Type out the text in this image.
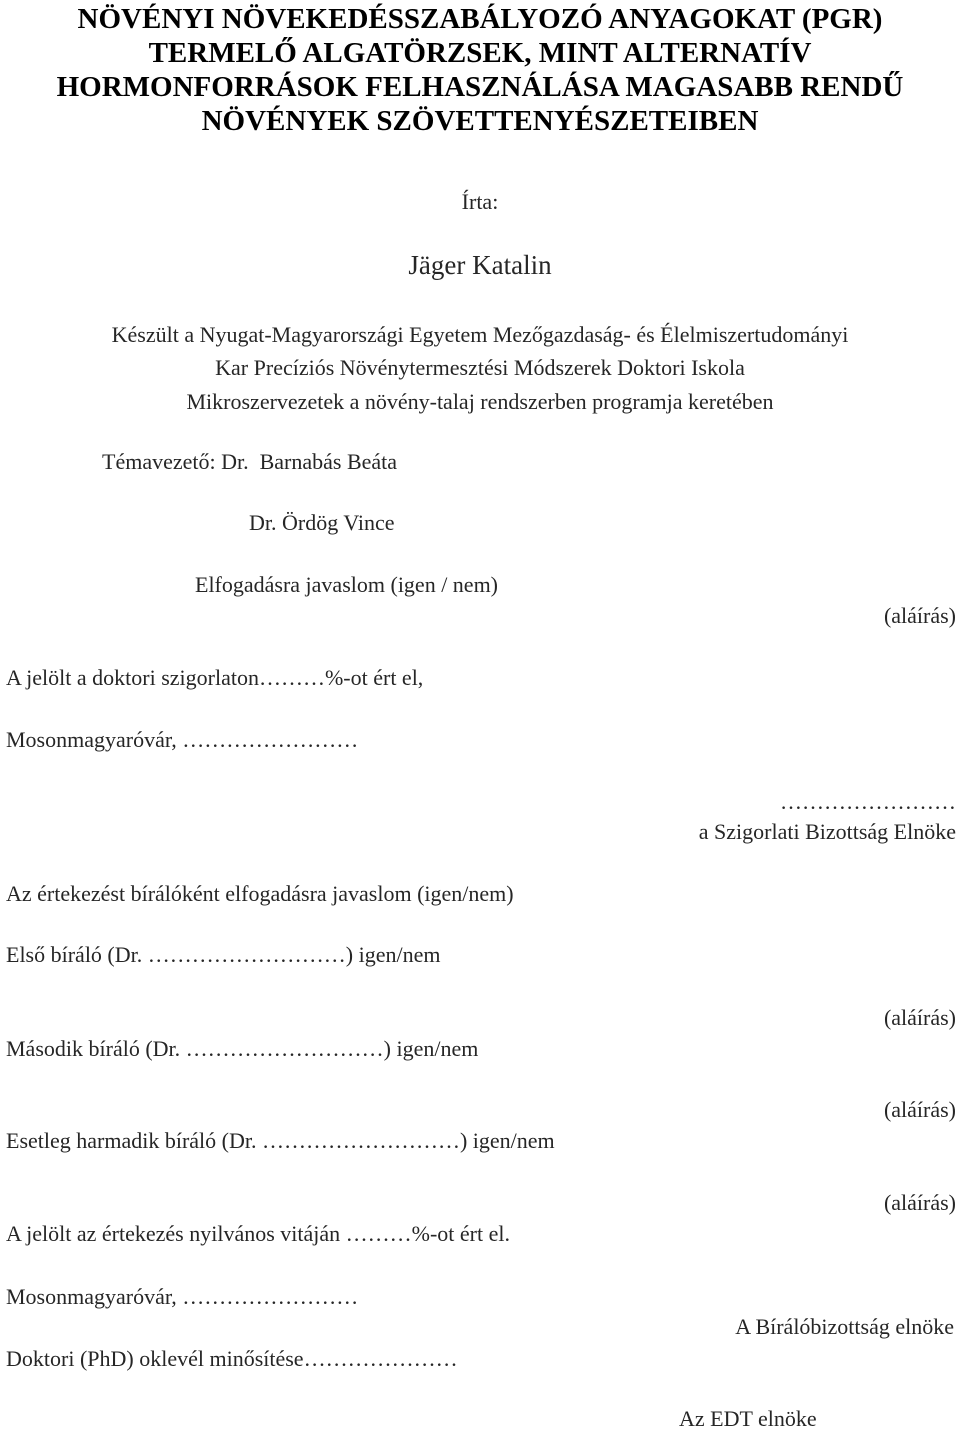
NÖVÉNYI NÖVEKEDÉSSZABÁLYOZÓ ANYAGOKAT (PGR)
TERMELŐ ALGATÖRZSEK, MINT ALTERNATÍV
HORMONFORRÁSOK FELHASZNÁLÁSA MAGASABB RENDŰ
NÖVÉNYEK SZÖVETTENYÉSZETEIBEN
Írta:
Jäger Katalin
Készült a Nyugat-Magyarországi Egyetem Mezőgazdaság- és Élelmiszertudományi
Kar Precíziós Növénytermesztési Módszerek Doktori Iskola
Mikroszervezetek a növény-talaj rendszerben programja keretében
Témavezető: Dr.  Barnabás Beáta
Dr. Ördög Vince
Elfogadásra javaslom (igen / nem)
(aláírás)
A jelölt a doktori szigorlaton………%-ot ért el,
Mosonmagyaróvár, ……………………
……………………
a Szigorlati Bizottság Elnöke
Az értekezést bírálóként elfogadásra javaslom (igen/nem)
Első bíráló (Dr. ………………………) igen/nem
(aláírás)
Második bíráló (Dr. ………………………) igen/nem
(aláírás)
Esetleg harmadik bíráló (Dr. ………………………) igen/nem
(aláírás)
A jelölt az értekezés nyilvános vitáján ………%-ot ért el.
Mosonmagyaróvár, ……………………
A Bírálóbizottság elnöke
Doktori (PhD) oklevél minősítése…………………
Az EDT elnöke
